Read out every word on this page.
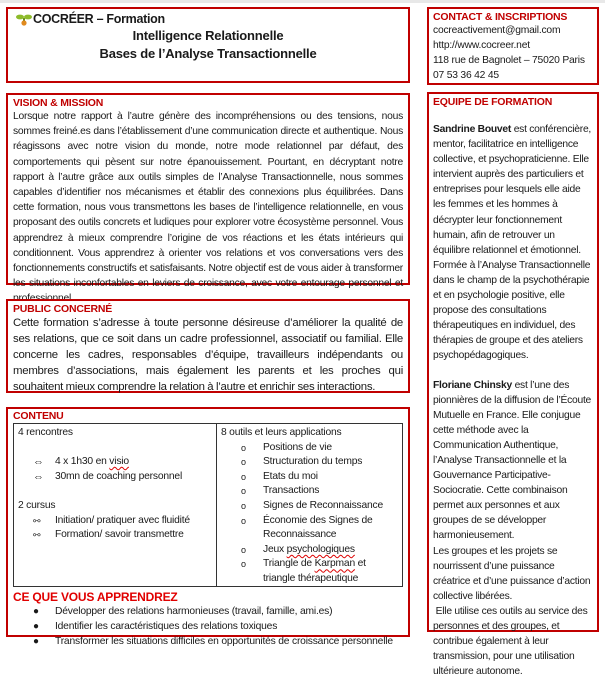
COCRÉER – Formation
Intelligence Relationnelle
Bases de l’Analyse Transactionnelle
CONTACT & INSCRIPTIONS
cocreactivement@gmail.com
http://www.cocreer.net
118 rue de Bagnolet – 75020 Paris
07 53 36 42 45
VISION & MISSION

Lorsque notre rapport à l’autre génère des incompréhensions ou des tensions, nous sommes freiné.es dans l’établissement d’une communication directe et authentique. Nous réagissons avec notre vision du monde, notre mode relationnel par défaut, des comportements qui pèsent sur notre épanouissement. Pourtant, en décryptant notre rapport à l’autre grâce aux outils simples de l’Analyse Transactionnelle, nous sommes capables d’identifier nos mécanismes et établir des connexions plus équilibrées. Dans cette formation, nous vous transmettons les bases de l’intelligence relationnelle, en vous proposant des outils concrets et ludiques pour explorer votre écosystème personnel. Vous apprendrez à mieux comprendre l’origine de vos réactions et les états intérieurs qui conditionnent. Vous apprendrez à orienter vos relations et vos conversations vers des fonctionnements constructifs et satisfaisants. Notre objectif est de vous aider à transformer les situations inconfortables en leviers de croissance, avec votre entourage personnel et

PUBLIC CONCERNÉ

Cette formation s’adresse à toute personne désireuse d’améliorer la qualité de ses relations, que ce soit dans un cadre professionnel, associatif ou familial. Elle concerne les cadres, responsables d’équipe, travailleurs indépendants ou membres d’associations, mais également les parents et les proches qui souhaitent mieux comprendre la relation à l’autre et enrichir ses interactions.

EQUIPE DE FORMATION

Sandrine Bouvet est conférencière, mentor, facilitatrice en intelligence collective, et psychopraticienne. Elle intervient auprès des particuliers et entreprises pour lesquels elle aide les femmes et les hommes à décrypter leur fonctionnement humain, afin de retrouver un équilibre relationnel et émotionnel. Formée à l’Analyse Transactionnelle dans le champ de la psychothérapie et en psychologie positive, elle propose des consultations thérapeutiques en individuel, des thérapies de groupe et des ateliers psychopédagogiques.

Floriane Chinsky est l’une des pionnières de la diffusion de l’Écoute Mutuelle en France. Elle conjugue cette méthode avec la Communication Authentique, l’Analyse Transactionnelle et la Gouvernance Participative-Sociocratie. Cette combinaison permet aux personnes et aux groupes de se développer harmonieusement.

Les groupes et les projets se nourrissent d’une puissance créatrice et d’une puissance d’action collective libérées.

Elle utilise ces outils au service des personnes et des groupes, et contribue également à leur transmission, pour une utilisation ultérieure autonome.

CONTENU
4 rencontres
⇔	4 x 1h30 en visio
⇔	30mn de coaching personnel
2 cursus
⚯	Initiation/ pratiquer avec fluidité
⚯	Formation/ savoir transmettre
8 outils et leurs applications
o	Positions de vie
o	Structuration du temps
o	Etats du moi
o	Transactions
o	Signes de Reconnaissance
o	Économie des Signes de Reconnaissance
o	Jeux psychologiques
o	Triangle de Karpman et triangle thérapeutique
CE QUE VOUS APPRENDREZ
●	Développer des relations harmonieuses (travail, famille, ami.es)
●	Identifier les caractéristiques des relations toxiques
●	Transformer les situations difficiles en opportunités de croissance personnelle
